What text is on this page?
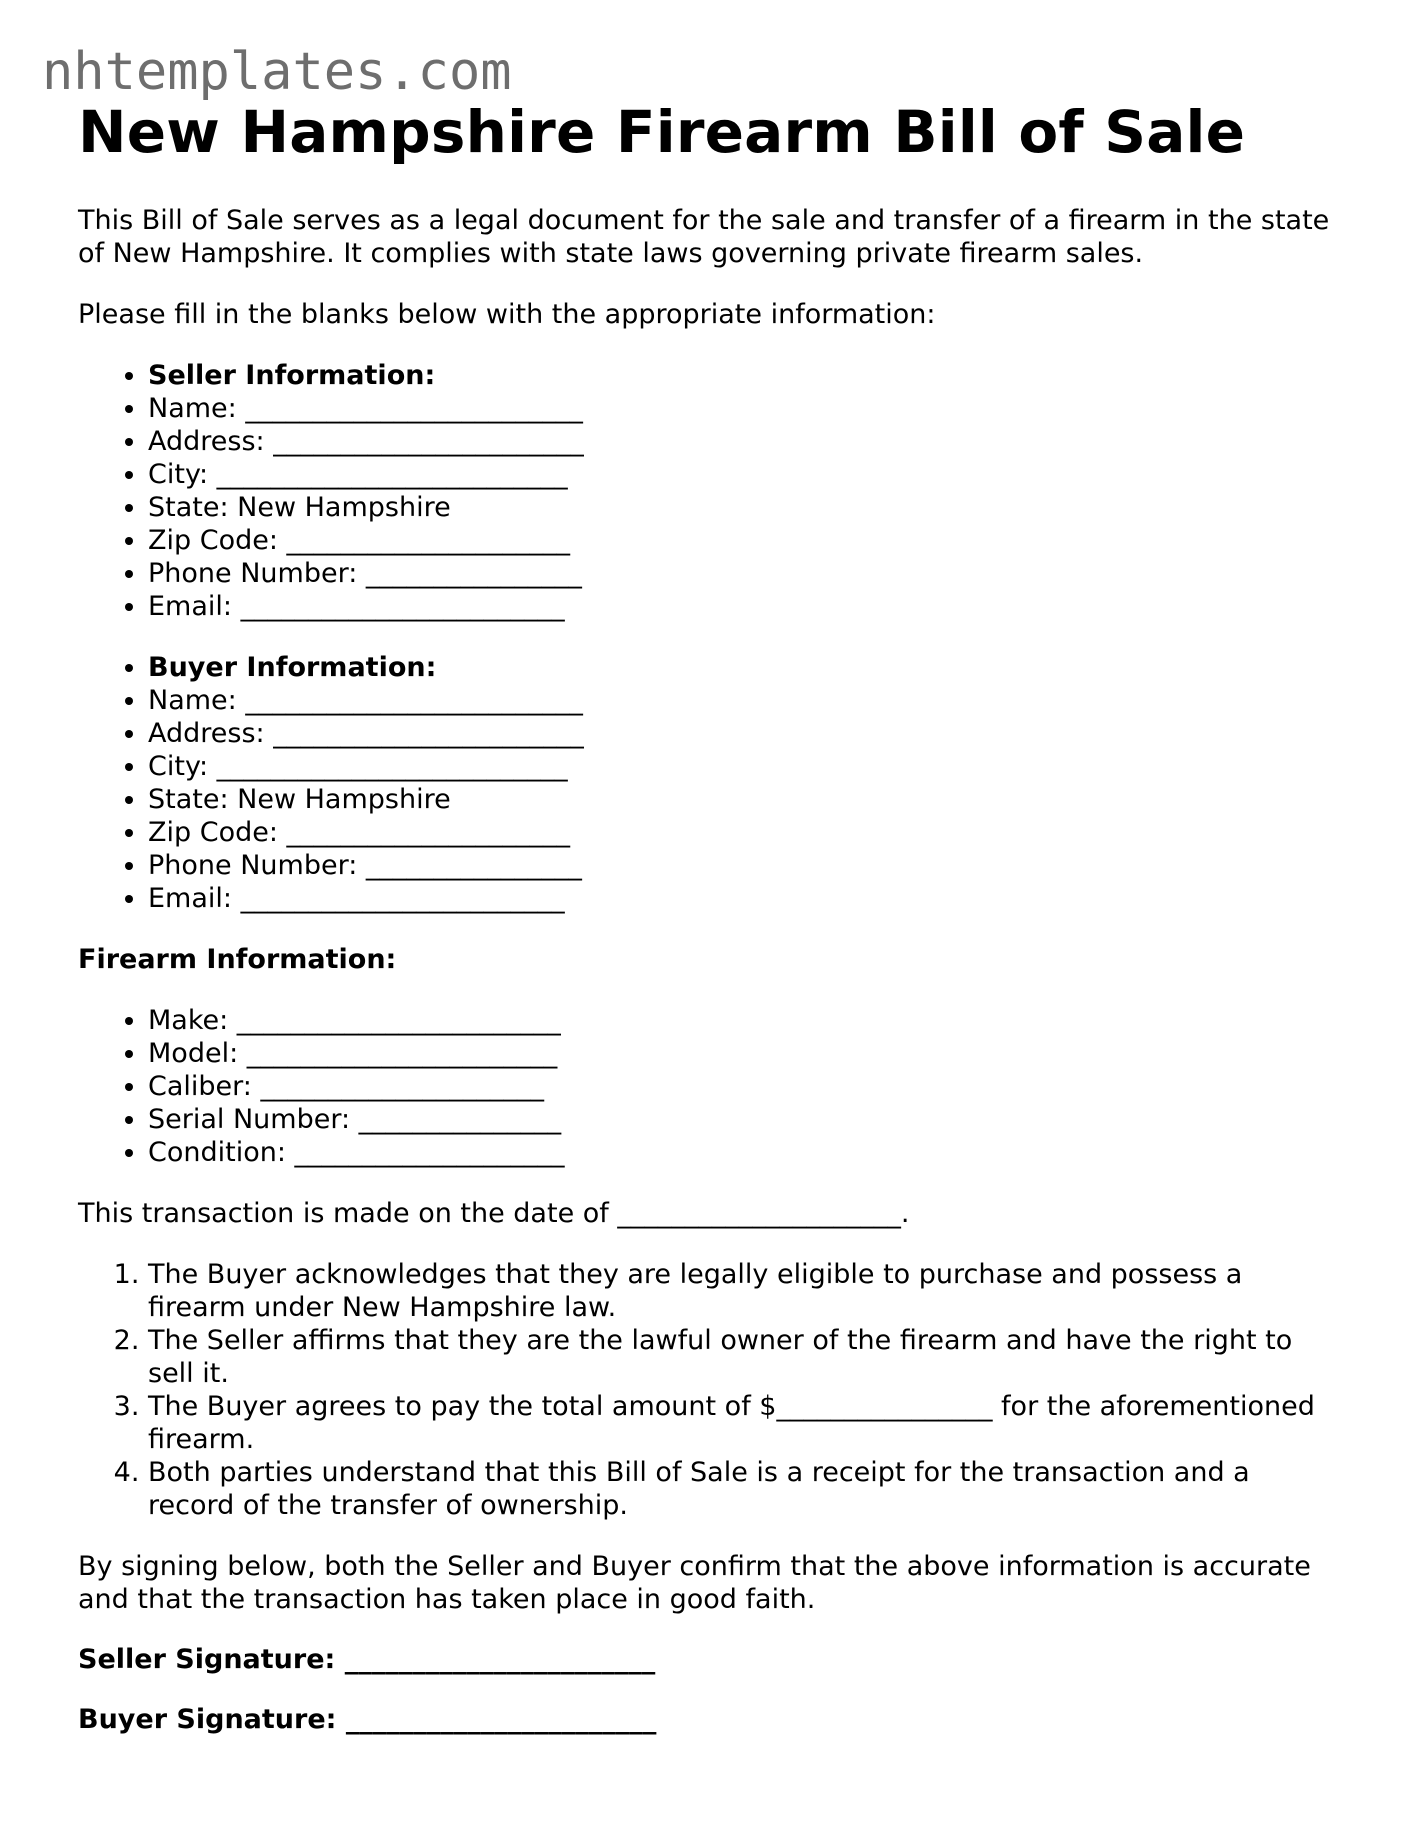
nhtemplates.com
New Hampshire Firearm Bill of Sale

This Bill of Sale serves as a legal document for the sale and transfer of a firearm in the state of New Hampshire. It complies with state laws governing private firearm sales.

Please fill in the blanks below with the appropriate information:

• Seller Information:
• Name: _________________________
• Address: _______________________
• City: __________________________
• State: New Hampshire
• Zip Code: _____________________
• Phone Number: ________________
• Email: ________________________
• Buyer Information:
• Name: _________________________
• Address: _______________________
• City: __________________________
• State: New Hampshire
• Zip Code: _____________________
• Phone Number: ________________
• Email: ________________________
Firearm Information:
• Make: ________________________
• Model: _______________________
• Caliber: _____________________
• Serial Number: _______________
• Condition: ____________________

This transaction is made on the date of _____________________.

1. The Buyer acknowledges that they are legally eligible to purchase and possess a firearm under New Hampshire law.
2. The Seller affirms that they are the lawful owner of the firearm and have the right to sell it.
3. The Buyer agrees to pay the total amount of $________________ for the aforementioned firearm.
4. Both parties understand that this Bill of Sale is a receipt for the transaction and a record of the transfer of ownership.

By signing below, both the Seller and Buyer confirm that the above information is accurate and that the transaction has taken place in good faith.

Seller Signature: _______________________

Buyer Signature: _______________________
